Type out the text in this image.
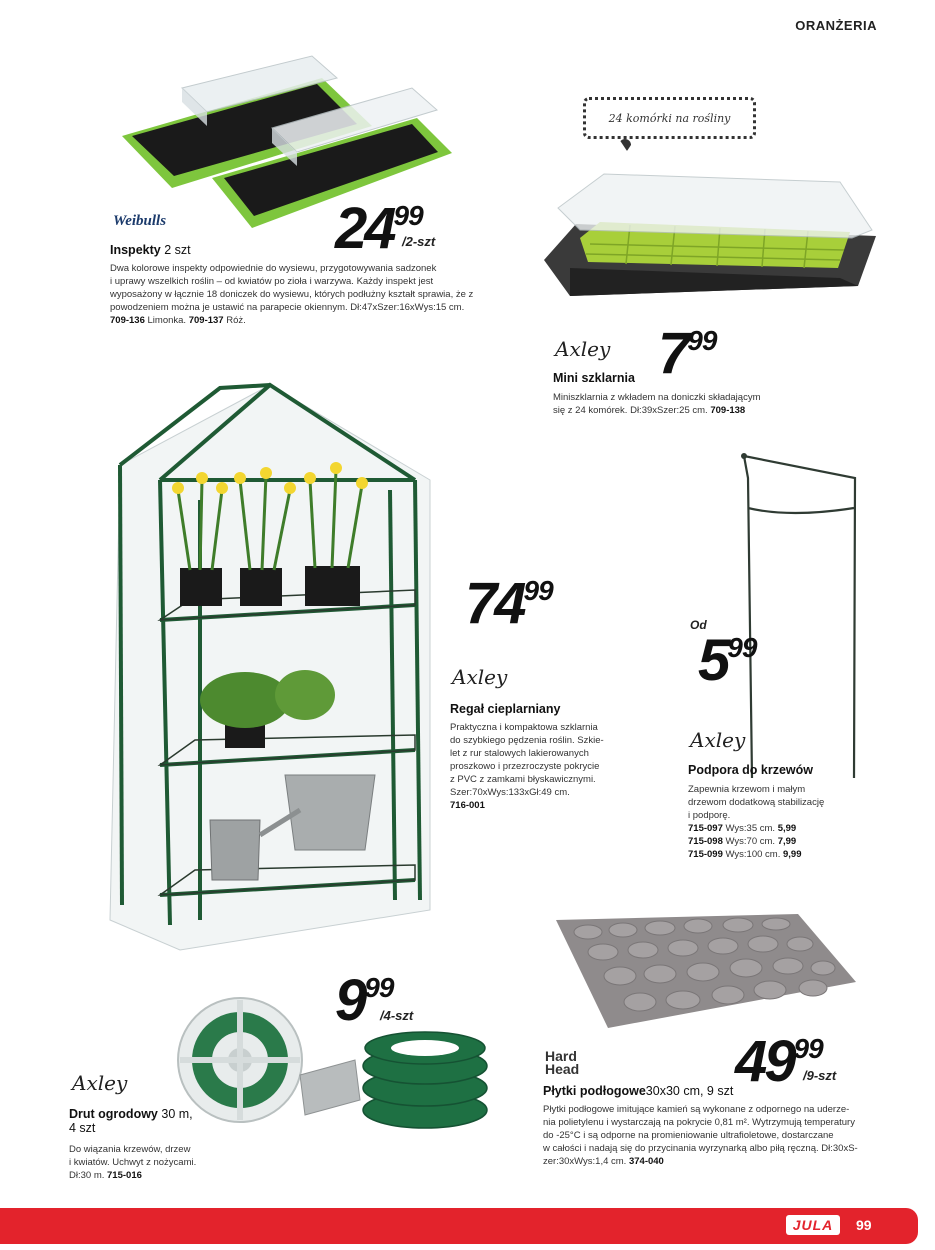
ORANŻERIA
Weibulls	2499
/2-szt
Inspekty 2 szt
Dwa kolorowe inspekty odpowiednie do wysiewu, przygotowywania sadzonek
i uprawy wszelkich roślin – od kwiatów po zioła i warzywa. Każdy inspekt jest
wyposażony w łącznie 18 doniczek do wysiewu, których podłużny kształt sprawia, że z
powodzeniem można je ustawić na parapecie okiennym. Dł:47xSzer:16xWys:15 cm.
709-136 Limonka. 709-137 Róż.
24 komórki na rośliny
Axley 799
Mini szklarnia
Miniszklarnia z wkładem na doniczki składającym
się z 24 komórek. Dł:39xSzer:25 cm. 709-138
7499
Axley
Regał cieplarniany
Praktyczna i kompaktowa szklarnia
do szybkiego pędzenia roślin. Szkie-
let z rur stalowych lakierowanych
proszkowo i przezroczyste pokrycie
z PVC z zamkami błyskawicznymi.
Szer:70xWys:133xGł:49 cm.
716-001
Od
599
Axley
Podpora do krzewów
Zapewnia krzewom i małym
drzewom dodatkową stabilizację
i podporę.
715-097 Wys:35 cm. 5,99
715-098 Wys:70 cm. 7,99
715-099 Wys:100 cm. 9,99
Hard
Head	4999
/9-szt
Płytki podłogowe30x30 cm, 9 szt
Płytki podłogowe imitujące kamień są wykonane z odpornego na uderze-
nia polietylenu i wystarczają na pokrycie 0,81 m². Wytrzymują temperatury
do -25°C i są odporne na promieniowanie ultrafioletowe, dostarczane
w całości i nadają się do przycinania wyrzynarką albo piłą ręczną. Dł:30xS-
zer:30xWys:1,4 cm. 374-040
999
/4-szt
Axley
Drut ogrodowy 30 m,
4 szt
Do wiązania krzewów, drzew
i kwiatów. Uchwyt z nożycami.
Dł:30 m. 715-016
JULA	99
